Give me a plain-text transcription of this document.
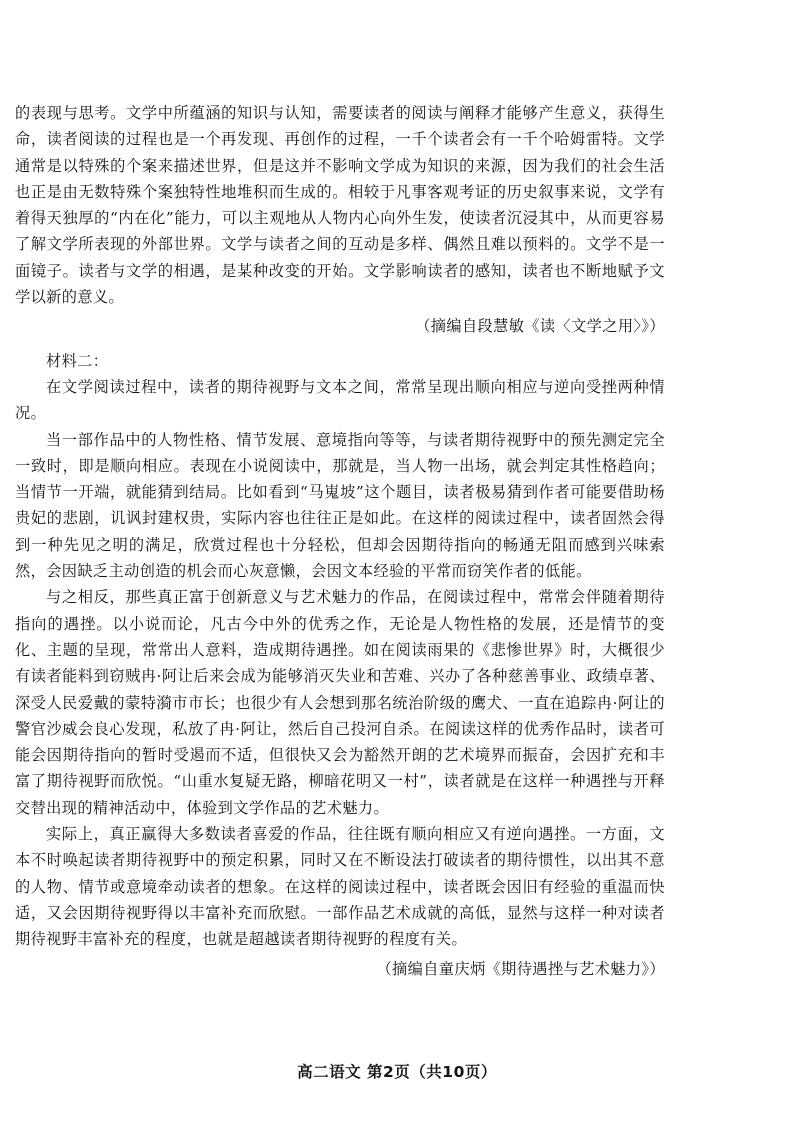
的表现与思考。文学中所蕴涵的知识与认知，需要读者的阅读与阐释才能够产生意义，获得生命，读者阅读的过程也是一个再发现、再创作的过程，一千个读者会有一千个哈姆雷特。文学通常是以特殊的个案来描述世界，但是这并不影响文学成为知识的来源，因为我们的社会生活也正是由无数特殊个案独特性地堆积而生成的。相较于凡事客观考证的历史叙事来说，文学有着得天独厚的“内在化”能力，可以主观地从人物内心向外生发，使读者沉浸其中，从而更容易了解文学所表现的外部世界。文学与读者之间的互动是多样、偶然且难以预料的。文学不是一面镜子。读者与文学的相遇，是某种改变的开始。文学影响读者的感知，读者也不断地赋予文学以新的意义。

（摘编自段慧敏《读〈文学之用〉》）

材料二：

在文学阅读过程中，读者的期待视野与文本之间，常常呈现出顺向相应与逆向受挫两种情况。

当一部作品中的人物性格、情节发展、意境指向等等，与读者期待视野中的预先测定完全一致时，即是顺向相应。表现在小说阅读中，那就是，当人物一出场，就会判定其性格趋向；当情节一开端，就能猜到结局。比如看到“马嵬坡”这个题目，读者极易猜到作者可能要借助杨贵妃的悲剧，讥讽封建权贵，实际内容也往往正是如此。在这样的阅读过程中，读者固然会得到一种先见之明的满足，欣赏过程也十分轻松，但却会因期待指向的畅通无阻而感到兴味索然，会因缺乏主动创造的机会而心灰意懒，会因文本经验的平常而窃笑作者的低能。

与之相反，那些真正富于创新意义与艺术魅力的作品，在阅读过程中，常常会伴随着期待指向的遇挫。以小说而论，凡古今中外的优秀之作，无论是人物性格的发展，还是情节的变化、主题的呈现，常常出人意料，造成期待遇挫。如在阅读雨果的《悲惨世界》时，大概很少有读者能料到窃贼冉·阿让后来会成为能够消灭失业和苦难、兴办了各种慈善事业、政绩卓著、深受人民爱戴的蒙特漪市市长；也很少有人会想到那名统治阶级的鹰犬、一直在追踪冉·阿让的警官沙威会良心发现，私放了冉·阿让，然后自己投河自杀。在阅读这样的优秀作品时，读者可能会因期待指向的暂时受遏而不适，但很快又会为豁然开朗的艺术境界而振奋，会因扩充和丰富了期待视野而欣悦。“山重水复疑无路，柳暗花明又一村”，读者就是在这样一种遇挫与开释交替出现的精神活动中，体验到文学作品的艺术魅力。

实际上，真正赢得大多数读者喜爱的作品，往往既有顺向相应又有逆向遇挫。一方面，文本不时唤起读者期待视野中的预定积累，同时又在不断设法打破读者的期待惯性，以出其不意的人物、情节或意境牵动读者的想象。在这样的阅读过程中，读者既会因旧有经验的重温而快适，又会因期待视野得以丰富补充而欣慰。一部作品艺术成就的高低，显然与这样一种对读者期待视野丰富补充的程度，也就是超越读者期待视野的程度有关。

（摘编自童庆炳《期待遇挫与艺术魅力》）

高二语文 第2页（共10页）
